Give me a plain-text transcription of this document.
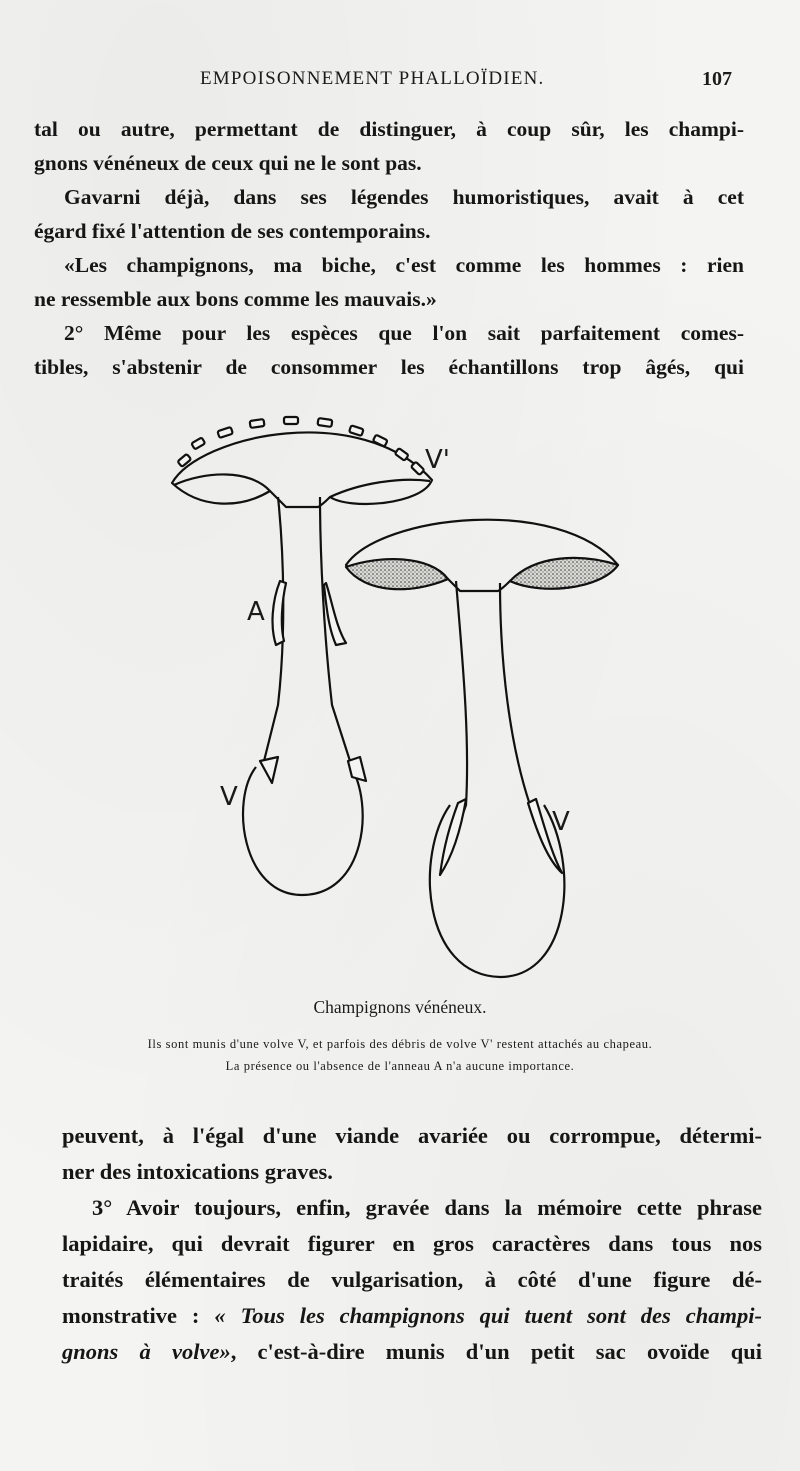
EMPOISONNEMENT PHALLOÏDIEN.	107
tal ou autre, permettant de distinguer, à coup sûr, les champi-
gnons vénéneux de ceux qui ne le sont pas.
Gavarni déjà, dans ses légendes humoristiques, avait à cet
égard fixé l'attention de ses contemporains.
«Les champignons, ma biche, c'est comme les hommes : rien
ne ressemble aux bons comme les mauvais.»
2° Même pour les espèces que l'on sait parfaitement comes-
tibles, s'abstenir de consommer les échantillons trop âgés, qui
V'
A
V
V
Champignons vénéneux.
Ils sont munis d'une volve V, et parfois des débris de volve V' restent attachés au chapeau.
La présence ou l'absence de l'anneau A n'a aucune importance.
peuvent, à l'égal d'une viande avariée ou corrompue, détermi-
ner des intoxications graves.
3° Avoir toujours, enfin, gravée dans la mémoire cette phrase
lapidaire, qui devrait figurer en gros caractères dans tous nos
traités élémentaires de vulgarisation, à côté d'une figure dé-
monstrative : « Tous les champignons qui tuent sont des champi-
gnons à volve», c'est-à-dire munis d'un petit sac ovoïde qui
